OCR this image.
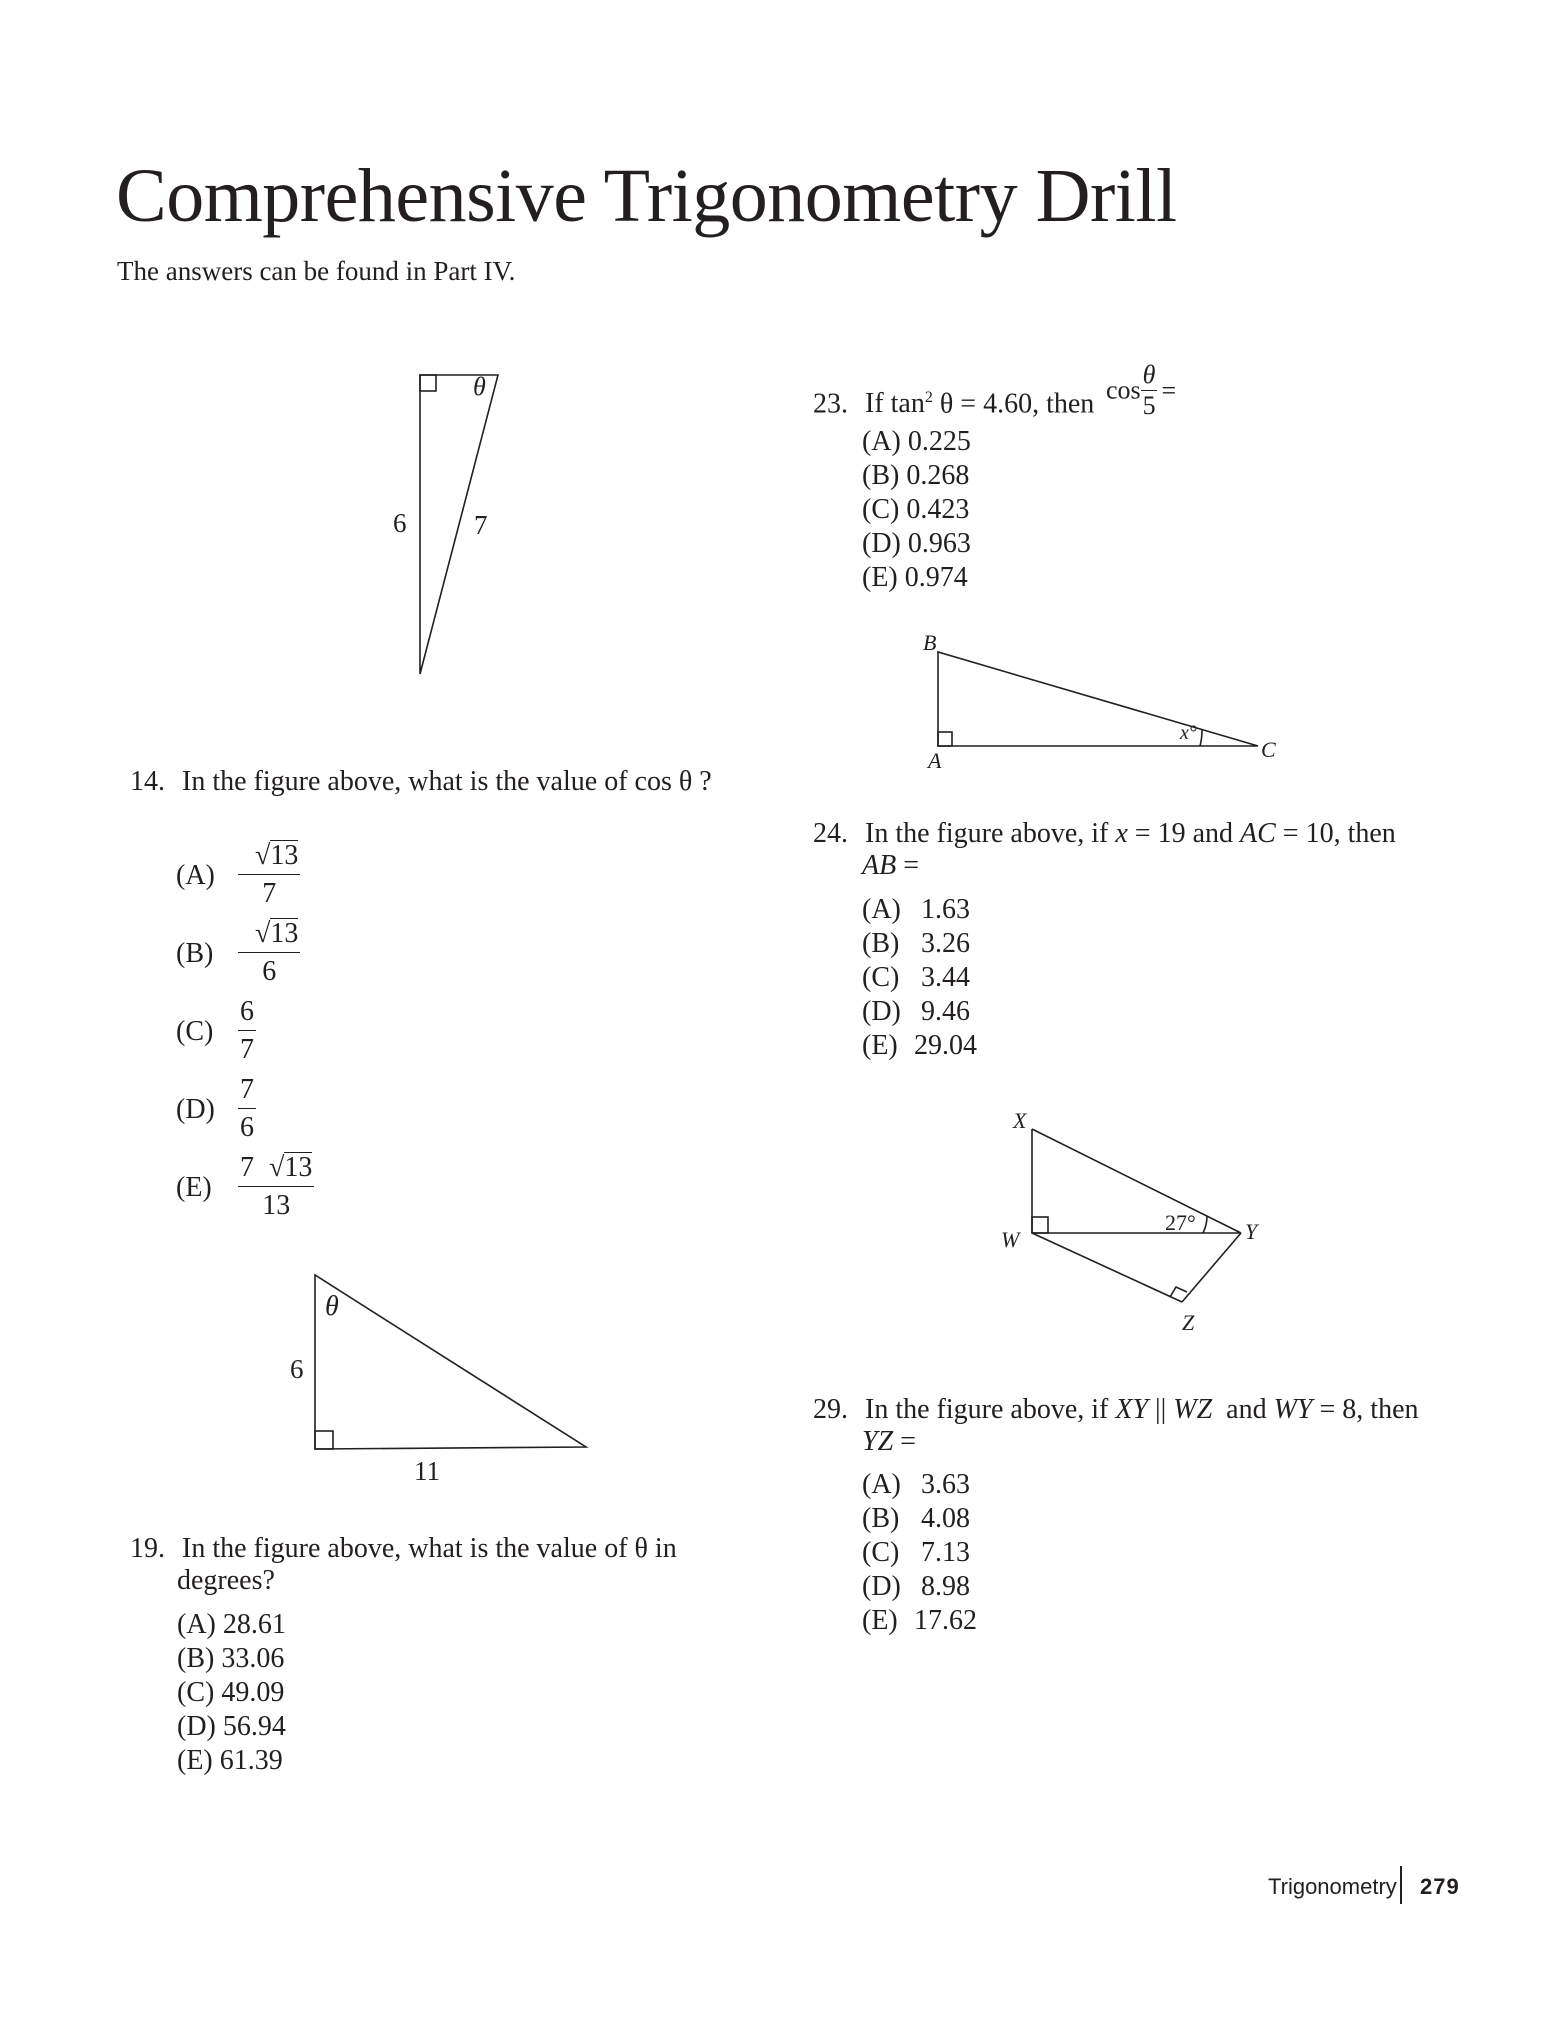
Comprehensive Trigonometry Drill
The answers can be found in Part IV.
θ
6	7
14. In the figure above, what is the value of cos θ ?
$(A) \frac{√13}{7}$
$(B) \frac{√13}{6}$
$(C) \frac{6}{7}$
$(D) \frac{7}{6}$
$(E) \frac{7 √13}{13}$
θ
6
11
19. In the figure above, what is the value of θ in
degrees?
(A) 28.61
(B) 33.06
(C) 49.09
(D) 56.94
(E) 61.39
23. If $\tan^2 \theta = 4.60$, then $\cos \frac{\theta}{5}$ =
(A) 0.225
(B) 0.268
(C) 0.423
(D) 0.963
(E) 0.974
B
A	C
x°
24. In the figure above, if x = 19 and AC = 10, then
AB =
(A) 1.63
(B) 3.26
(C) 3.44
(D) 9.46
(E) 29.04
X
W	Y
Z
27°
29. In the figure above, if XY || WZ  and WY = 8, then
YZ =
(A) 3.63
(B) 4.08
(C) 7.13
(D) 8.98
(E) 17.62
Trigonometry 279
